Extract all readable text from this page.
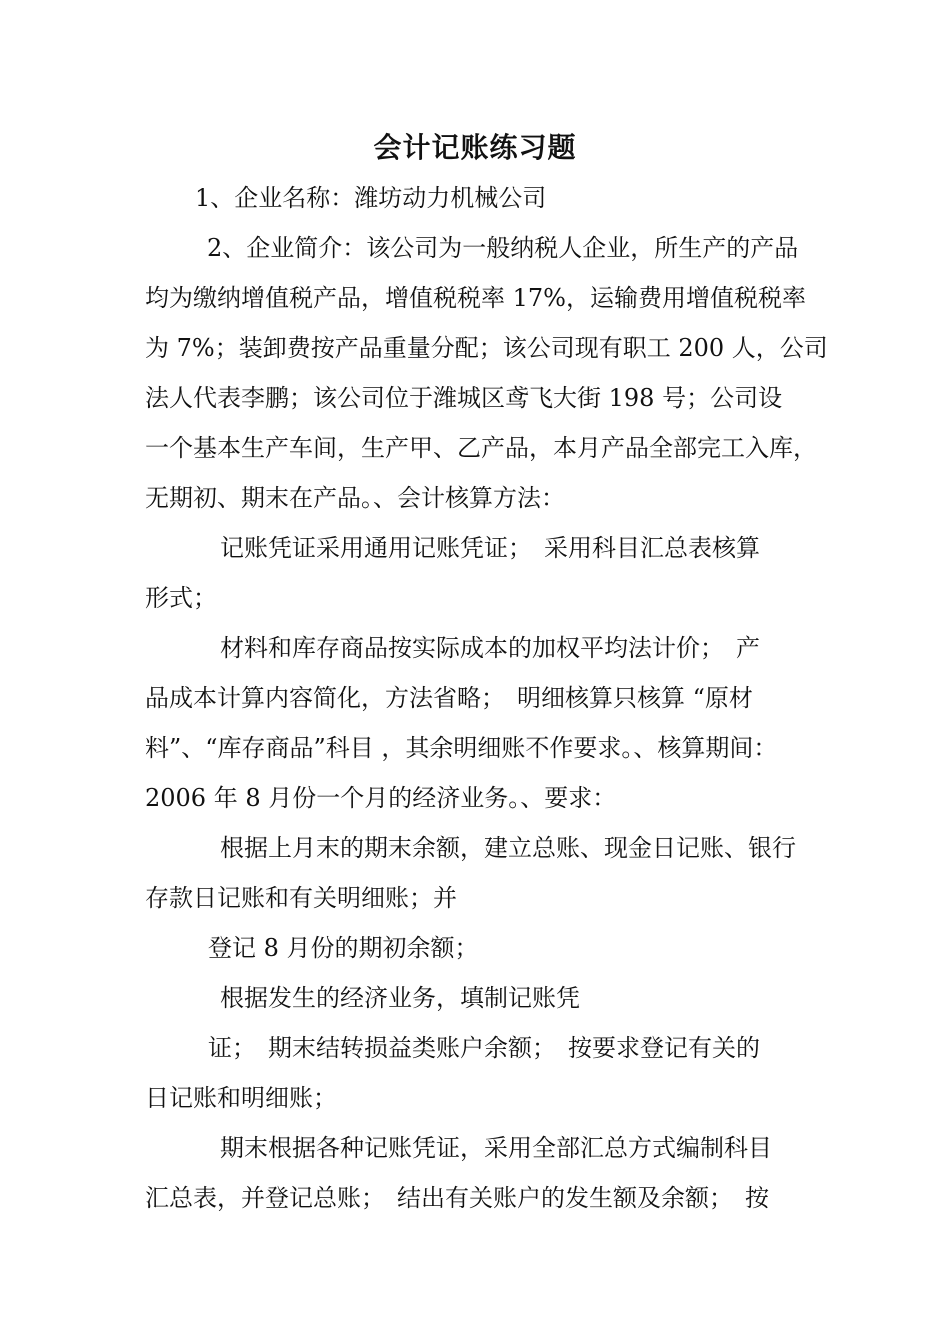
会计记账练习题
1、企业名称：潍坊动力机械公司
2、企业简介：该公司为一般纳税人企业，所生产的产品
均为缴纳增值税产品，增值税税率 17%，运输费用增值税税率
为 7%；装卸费按产品重量分配；该公司现有职工 200 人，公司
法人代表李鹏；该公司位于潍城区鸢飞大街 198 号；公司设
一个基本生产车间，生产甲、乙产品，本月产品全部完工入库，
无期初、期末在产品。、会计核算方法：
记账凭证采用通用记账凭证；　采用科目汇总表核算
形式；
材料和库存商品按实际成本的加权平均法计价；　产
品成本计算内容简化，方法省略；　明细核算只核算 “原材
料”、“库存商品”科目 ，其余明细账不作要求。、核算期间：
2006 年 8 月份一个月的经济业务。、要求：
根据上月末的期末余额，建立总账、现金日记账、银行
存款日记账和有关明细账；并
登记 8 月份的期初余额；
根据发生的经济业务，填制记账凭
证；　期末结转损益类账户余额；　按要求登记有关的
日记账和明细账；
期末根据各种记账凭证，采用全部汇总方式编制科目
汇总表，并登记总账；　结出有关账户的发生额及余额；　按
